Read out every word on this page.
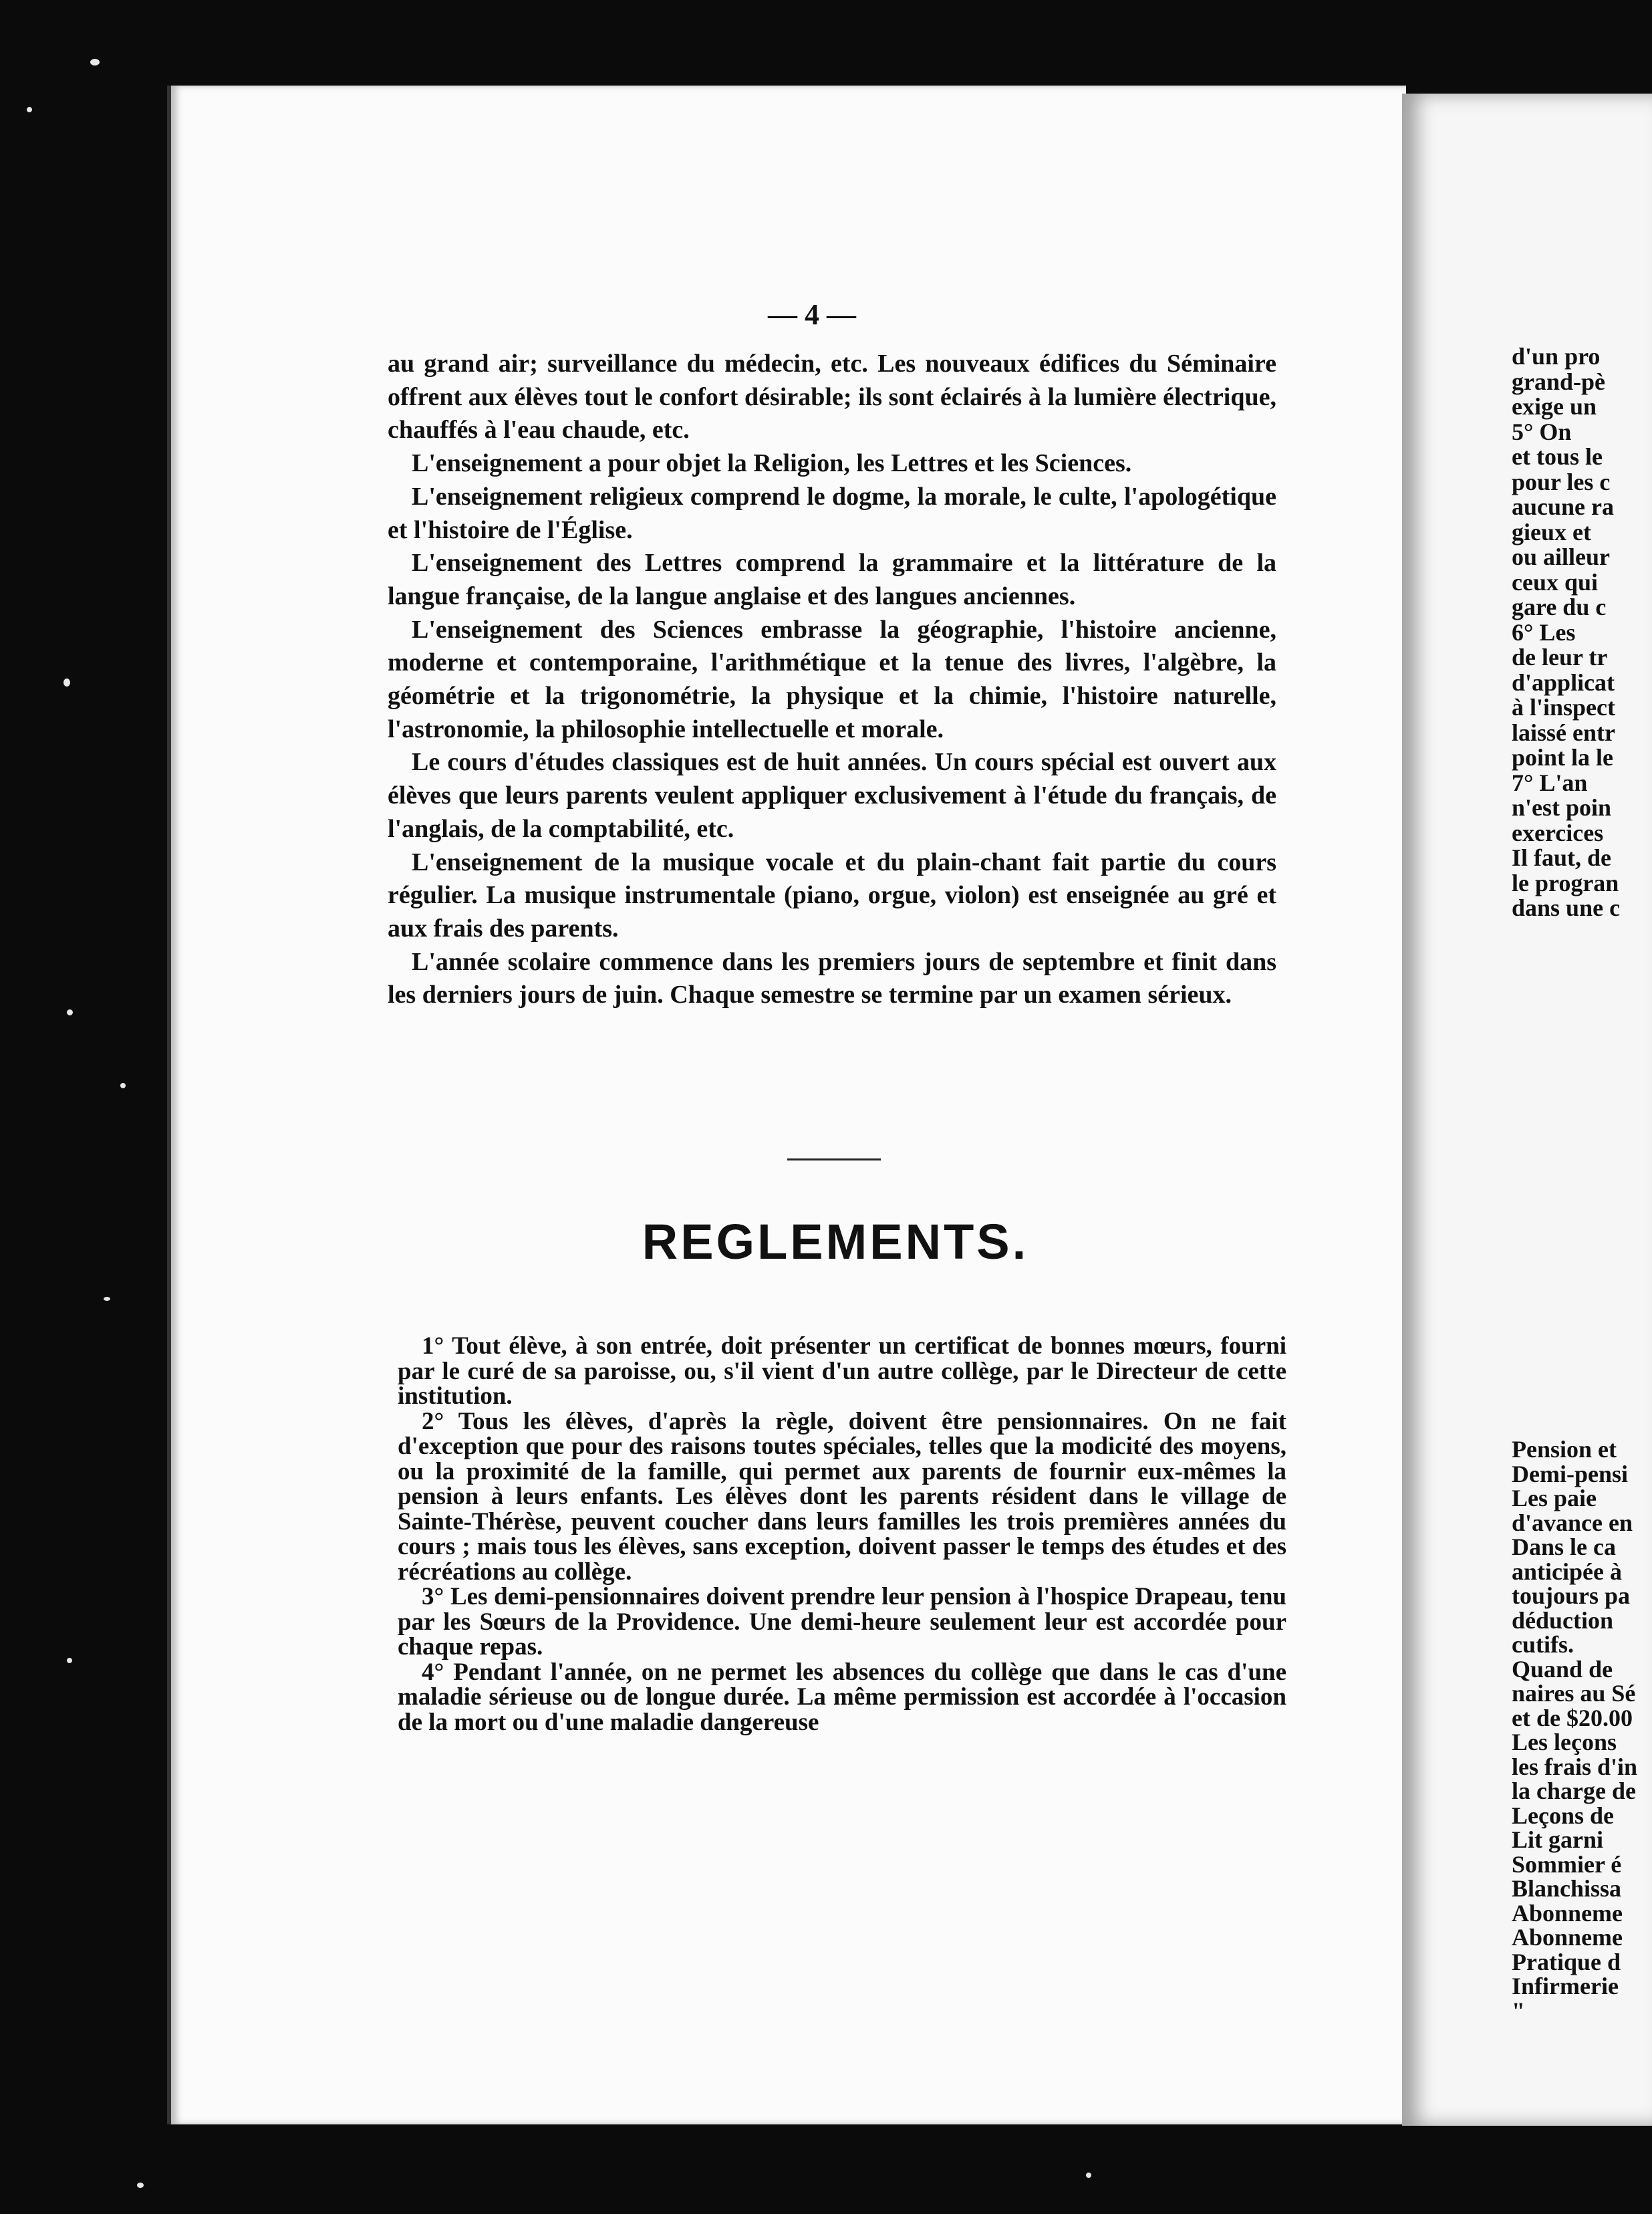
— 4 —

au grand air; surveillance du médecin, etc. Les nouveaux édifices du Séminaire offrent aux élèves tout le confort désirable; ils sont éclairés à la lumière électrique, chauffés à l'eau chaude, etc.

L'enseignement a pour objet la Religion, les Lettres et les Sciences.

L'enseignement religieux comprend le dogme, la morale, le culte, l'apologétique et l'histoire de l'Église.

L'enseignement des Lettres comprend la grammaire et la littérature de la langue française, de la langue anglaise et des langues anciennes.

L'enseignement des Sciences embrasse la géographie, l'histoire ancienne, moderne et contemporaine, l'arithmétique et la tenue des livres, l'algèbre, la géométrie et la trigonométrie, la physique et la chimie, l'histoire naturelle, l'astronomie, la philosophie intellectuelle et morale.

Le cours d'études classiques est de huit années. Un cours spécial est ouvert aux élèves que leurs parents veulent appliquer exclusivement à l'étude du français, de l'anglais, de la comptabilité, etc.

L'enseignement de la musique vocale et du plain-chant fait partie du cours régulier. La musique instrumentale (piano, orgue, violon) est enseignée au gré et aux frais des parents.

L'année scolaire commence dans les premiers jours de septembre et finit dans les derniers jours de juin. Chaque semestre se termine par un examen sérieux.

REGLEMENTS.

1° Tout élève, à son entrée, doit présenter un certificat de bonnes mœurs, fourni par le curé de sa paroisse, ou, s'il vient d'un autre collège, par le Directeur de cette institution.

2° Tous les élèves, d'après la règle, doivent être pensionnaires. On ne fait d'exception que pour des raisons toutes spéciales, telles que la modicité des moyens, ou la proximité de la famille, qui permet aux parents de fournir eux-mêmes la pension à leurs enfants. Les élèves dont les parents résident dans le village de Sainte-Thérèse, peuvent coucher dans leurs familles les trois premières années du cours ; mais tous les élèves, sans exception, doivent passer le temps des études et des récréations au collège.

3° Les demi-pensionnaires doivent prendre leur pension à l'hospice Drapeau, tenu par les Sœurs de la Providence. Une demi-heure seulement leur est accordée pour chaque repas.

4° Pendant l'année, on ne permet les absences du collège que dans le cas d'une maladie sérieuse ou de longue durée. La même permission est accordée à l'occasion de la mort ou d'une maladie dangereuse

d'un pro
grand-pè
exige un
5° On
et tous le
pour les c
aucune ra
gieux et
ou ailleur
ceux qui
gare du c
6° Les
de leur tr
d'applicat
à l'inspect
laissé entr
point la le
7° L'an
n'est poin
exercices
Il faut, de
le progran
dans une c
Pension et
Demi-pensi
Les paie
d'avance en
Dans le ca
anticipée à
toujours pa
déduction
cutifs.
Quand de
naires au Sé
et de $20.00
Les leçons
les frais d'in
la charge de
Leçons de
Lit garni
Sommier é
Blanchissa
Abonneme
Abonneme
Pratique d
Infirmerie
"
